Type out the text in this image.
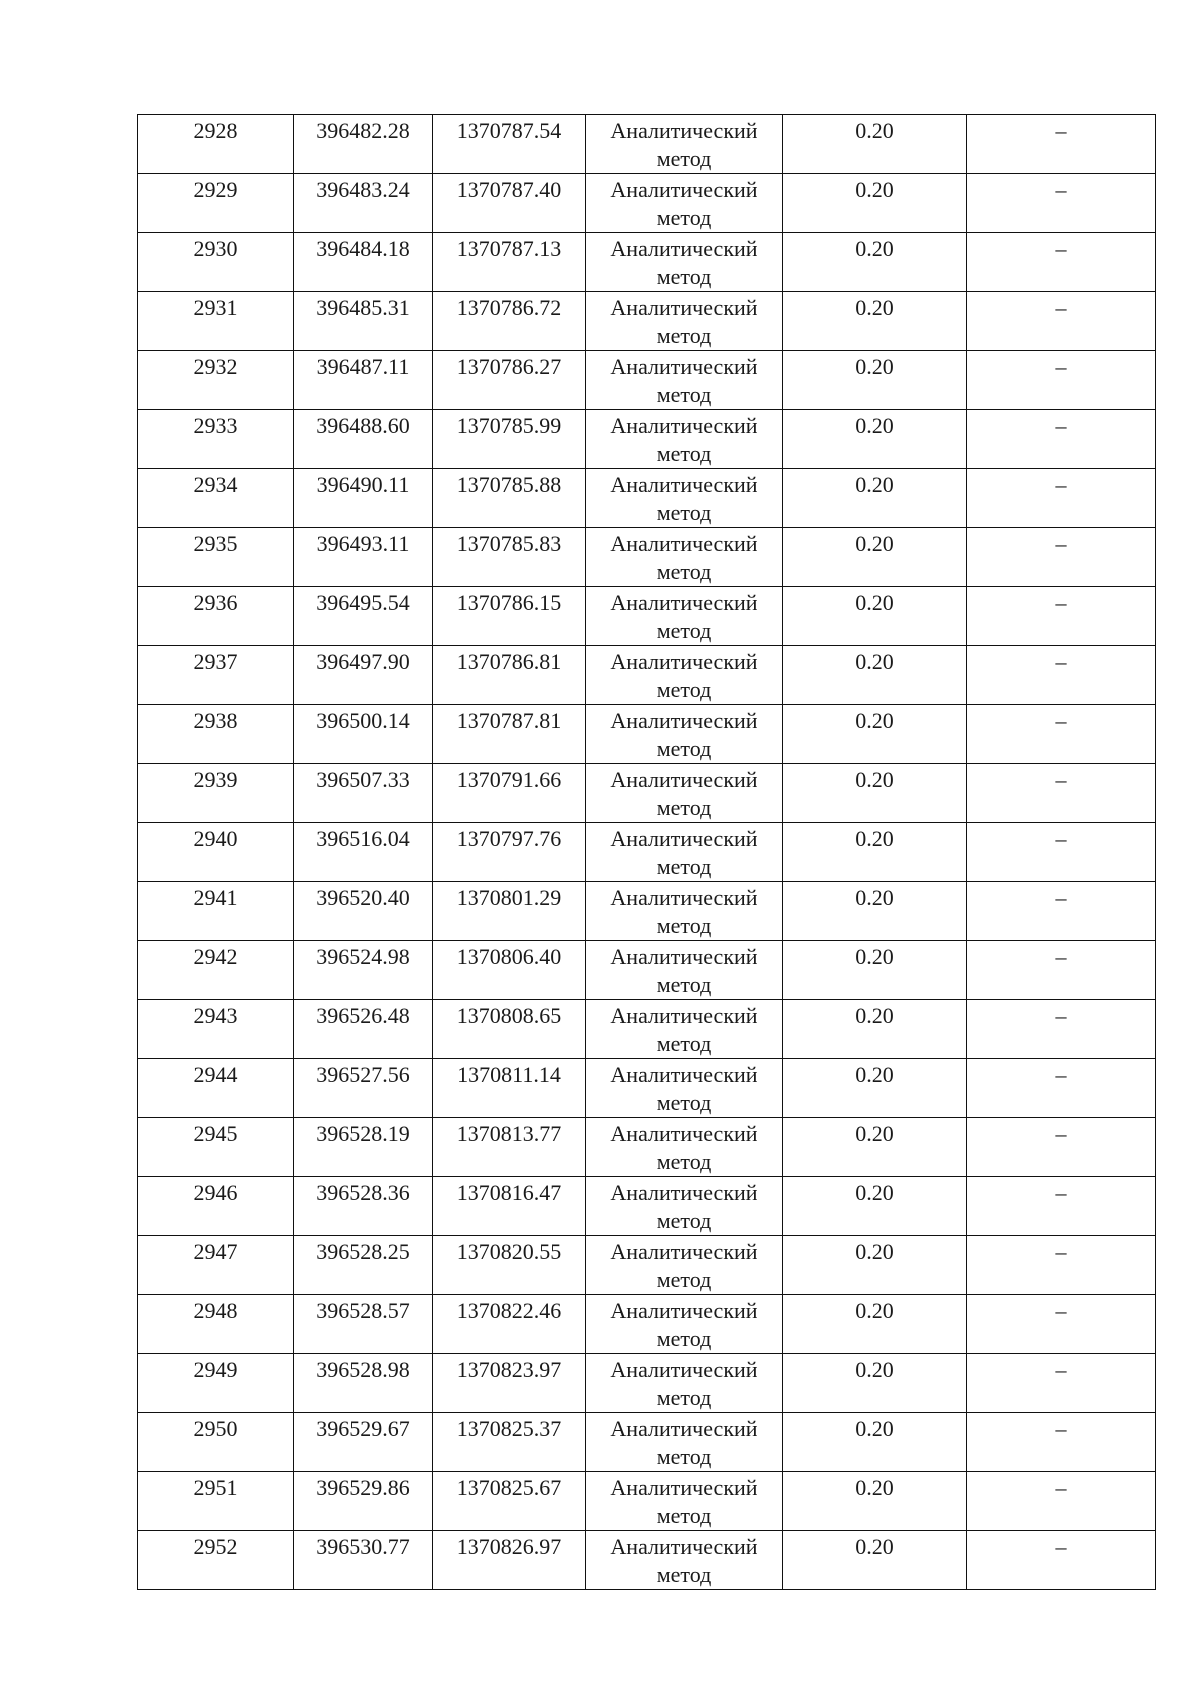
2928	396482.28	1370787.54	Аналитический метод	0.20	–

2929	396483.24	1370787.40	Аналитический метод	0.20	–

2930	396484.18	1370787.13	Аналитический метод	0.20	–

2931	396485.31	1370786.72	Аналитический метод	0.20	–

2932	396487.11	1370786.27	Аналитический метод	0.20	–

2933	396488.60	1370785.99	Аналитический метод	0.20	–

2934	396490.11	1370785.88	Аналитический метод	0.20	–

2935	396493.11	1370785.83	Аналитический метод	0.20	–

2936	396495.54	1370786.15	Аналитический метод	0.20	–

2937	396497.90	1370786.81	Аналитический метод	0.20	–

2938	396500.14	1370787.81	Аналитический метод	0.20	–

2939	396507.33	1370791.66	Аналитический метод	0.20	–

2940	396516.04	1370797.76	Аналитический метод	0.20	–

2941	396520.40	1370801.29	Аналитический метод	0.20	–

2942	396524.98	1370806.40	Аналитический метод	0.20	–

2943	396526.48	1370808.65	Аналитический метод	0.20	–

2944	396527.56	1370811.14	Аналитический метод	0.20	–

2945	396528.19	1370813.77	Аналитический метод	0.20	–

2946	396528.36	1370816.47	Аналитический метод	0.20	–

2947	396528.25	1370820.55	Аналитический метод	0.20	–

2948	396528.57	1370822.46	Аналитический метод	0.20	–

2949	396528.98	1370823.97	Аналитический метод	0.20	–

2950	396529.67	1370825.37	Аналитический метод	0.20	–

2951	396529.86	1370825.67	Аналитический метод	0.20	–

2952	396530.77	1370826.97	Аналитический метод	0.20	–
